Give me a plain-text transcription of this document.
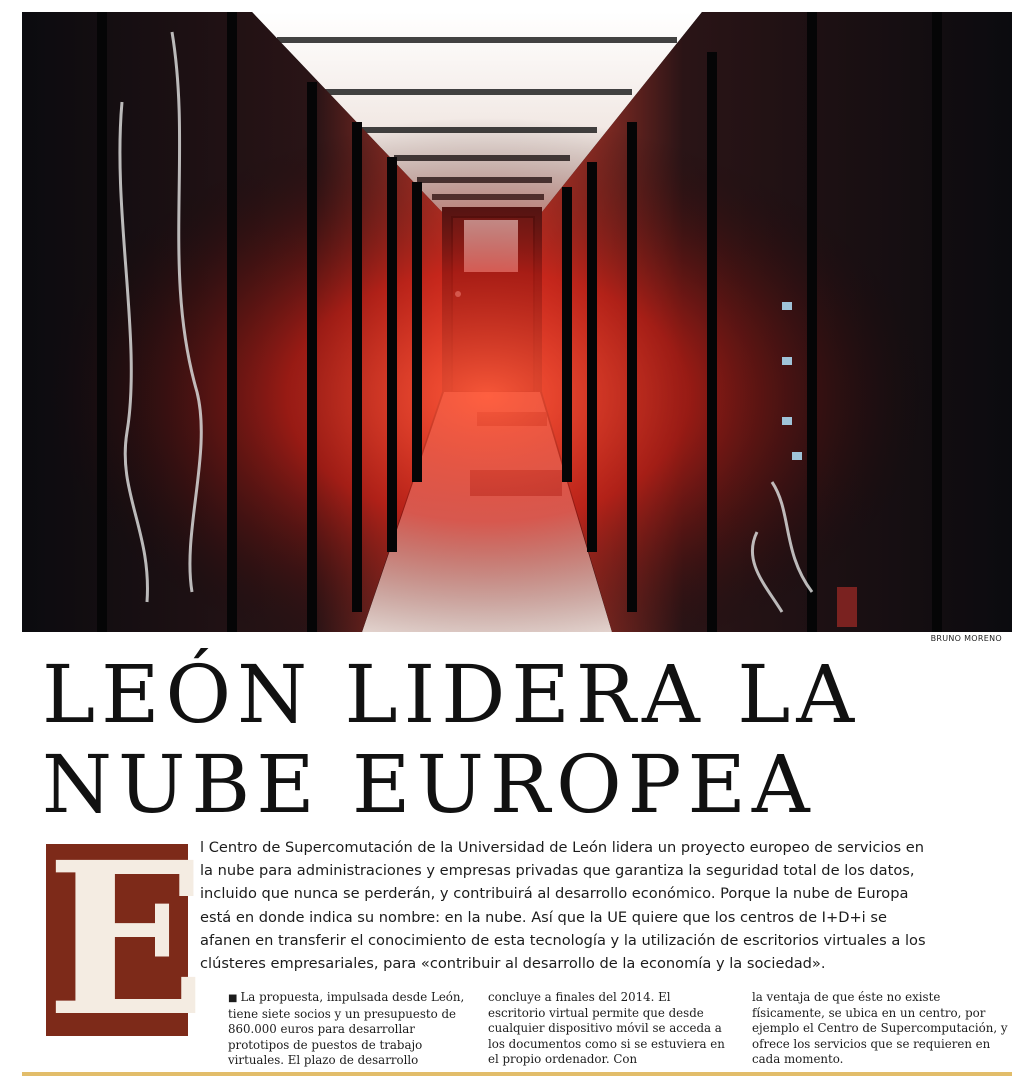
BRUNO MORENO
LEÓN LIDERA LA
NUBE EUROPEA
E

l Centro de Supercomutación de la Universidad de León lidera un proyecto europeo de servicios en la nube para administraciones y empresas privadas que garantiza la seguridad total de los datos, incluido que nunca se perderán, y contribuirá al desarrollo económico. Porque la nube de Europa está en donde indica su nombre: en la nube. Así que la UE quiere que los centros de I+D+i se afanen en transferir el conocimiento de esta tecnología y la utilización de escritorios virtuales a los clústeres empresariales, para «contribuir al desarrollo de la economía y la sociedad».

■ La propuesta, impulsada desde León, tiene siete socios y un presupuesto de 860.000 euros para desarrollar prototipos de puestos de trabajo virtuales. El plazo de desarrollo

concluye a finales del 2014. El escritorio virtual permite que desde cualquier dispositivo móvil se acceda a los documentos como si se estuviera en el propio ordenador. Con

la ventaja de que éste no existe físicamente, se ubica en un centro, por ejemplo el Centro de Supercomputación, y ofrece los servicios que se requieren en cada momento.
